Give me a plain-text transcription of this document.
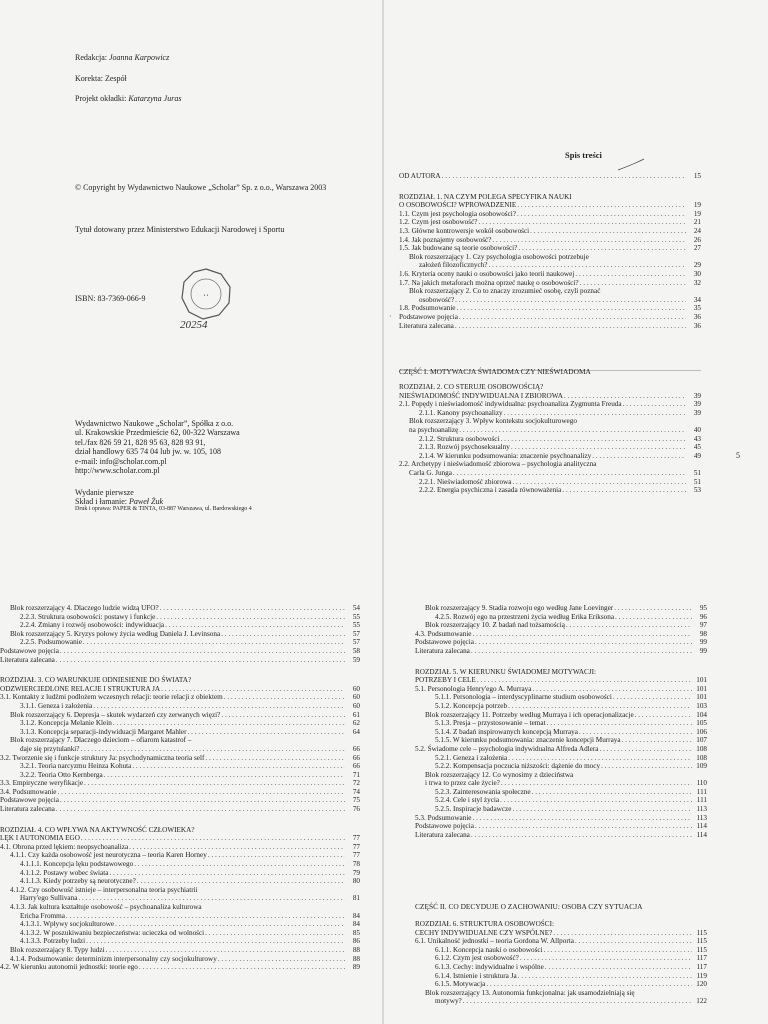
Redakcja: Joanna Karpowicz
Korekta: Zespół
Projekt okładki: Katarzyna Juras
© Copyright by Wydawnictwo Naukowe „Scholar” Sp. z o.o., Warszawa 2003
Tytuł dotowany przez Ministerstwo Edukacji Narodowej i Sportu
ISBN: 83-7369-066-9	• •
20254
Wydawnictwo Naukowe „Scholar”, Spółka z o.o.
ul. Krakowskie Przedmieście 62, 00-322 Warszawa
tel./fax 826 59 21, 828 95 63, 828 93 91,
dział handlowy 635 74 04 lub jw. w. 105, 108
e-mail: info@scholar.com.pl
http://www.scholar.com.pl
Wydanie pierwsze
Skład i łamanie: Paweł Żuk
Druk i oprawa: PAPER & TINTA, 03-887 Warszawa, ul. Bardowskiego 4
Spis treści
OD AUTORA . . .	15
ROZDZIAŁ 1. NA CZYM POLEGA SPECYFIKA NAUKI
O OSOBOWOŚCI? WPROWADZENIE . . .	19
1.1. Czym jest psychologia osobowości? . . .	19
1.2. Czym jest osobowość? . . .	21
1.3. Główne kontrowersje wokół osobowości . . .	24
1.4. Jak poznajemy osobowość? . . .	26
1.5. Jak budowane są teorie osobowości? . . .	27
Blok rozszerzający 1. Czy psychologia osobowości potrzebuje
założeń filozoficznych? . . .	29
1.6. Kryteria oceny nauki o osobowości jako teorii naukowej . . .	30
1.7. Na jakich metaforach można oprzeć naukę o osobowości? . . .	32
Blok rozszerzający 2. Co to znaczy zrozumieć osobę, czyli poznać
osobowość? . . .	34
1.8. Podsumowanie . . .	35
Podstawowe pojęcia . . .	36
Literatura zalecana . . .	36
CZĘŚĆ I. MOTYWACJA ŚWIADOMA CZY NIEŚWIADOMA
ROZDZIAŁ 2. CO STERUJE OSOBOWOŚCIĄ?
NIEŚWIADOMOŚĆ INDYWIDUALNA I ZBIOROWA . . .	39
2.1. Popędy i nieświadomość indywidualna: psychoanaliza Zygmunta Freuda . . .	39
2.1.1. Kanony psychoanalizy . . .	39
Blok rozszerzający 3. Wpływ kontekstu socjokulturowego
na psychoanalizę . . .	40
2.1.2. Struktura osobowości . . .	43
2.1.3. Rozwój psychoseksualny . . .	45
2.1.4. W kierunku podsumowania: znaczenie psychoanalizy . . .	49
2.2. Archetypy i nieświadomość zbiorowa – psychologia analityczna
Carla G. Junga . . .	51
2.2.1. Nieświadomość zbiorowa . . .	51
2.2.2. Energia psychiczna i zasada równoważenia . . .	53
5
·
Blok rozszerzający 4. Dlaczego ludzie widzą UFO? . . .	54
2.2.3. Struktura osobowości: postawy i funkcje . . .	55
2.2.4. Zmiany i rozwój osobowości: indywiduacja . . .	55
Blok rozszerzający 5. Kryzys połowy życia według Daniela J. Levinsona . . .	57
2.2.5. Podsumowanie . . .	57
Podstawowe pojęcia . . .	58
Literatura zalecana . . .	59
ROZDZIAŁ 3. CO WARUNKUJE ODNIESIENIE DO ŚWIATA?
ODZWIERCIEDLONE RELACJE I STRUKTURA JA . . .	60
3.1. Kontakty z ludźmi podłożem wczesnych relacji: teorie relacji z obiektem . . .	60
3.1.1. Geneza i założenia . . .	60
Blok rozszerzający 6. Depresja – skutek wydarzeń czy zerwanych więzi? . . .	61
3.1.2. Koncepcja Melanie Klein . . .	62
3.1.3. Koncepcja separacji-indywiduacji Margaret Mahler . . .	64
Blok rozszerzający 7. Dlaczego dzieciom – ofiarom katastrof –
daje się przytulanki? . . .	66
3.2. Tworzenie się i funkcje struktury Ja: psychodynamiczna teoria self . . .	66
3.2.1. Teoria narcyzmu Heinza Kohuta . . .	66
3.2.2. Teoria Otto Kernberga . . .	71
3.3. Empiryczne weryfikacje . . .	72
3.4. Podsumowanie . . .	74
Podstawowe pojęcia . . .	75
Literatura zalecana . . .	76
ROZDZIAŁ 4. CO WPŁYWA NA AKTYWNOŚĆ CZŁOWIEKA?
LĘK I AUTONOMIA EGO . . .	77
4.1. Obrona przed lękiem: neopsychoanaliza . . .	77
4.1.1. Czy każda osobowość jest neurotyczna – teoria Karen Horney . . .	77
4.1.1.1. Koncepcja lęku podstawowego . . .	78
4.1.1.2. Postawy wobec świata . . .	79
4.1.1.3. Kiedy potrzeby są neurotyczne? . . .	80
4.1.2. Czy osobowość istnieje – interpersonalna teoria psychiatrii
Harry'ego Sullivana . . .	81
4.1.3. Jak kultura kształtuje osobowość – psychoanaliza kulturowa
Ericha Fromma . . .	84
4.1.3.1. Wpływy socjokulturowe . . .	84
4.1.3.2. W poszukiwaniu bezpieczeństwa: ucieczka od wolności . . .	85
4.1.3.3. Potrzeby ludzi . . .	86
Blok rozszerzający 8. Typy ludzi . . .	88
4.1.4. Podsumowanie: determinizm interpersonalny czy socjokulturowy . . .	88
4.2. W kierunku autonomii jednostki: teorie ego . . .	89
Blok rozszerzający 9. Stadia rozwoju ego według Jane Loevinger . . .	95
4.2.5. Rozwój ego na przestrzeni życia według Erika Eriksona . . .	96
Blok rozszerzający 10. Z badań nad tożsamością . . .	97
4.3. Podsumowanie . . .	98
Podstawowe pojęcia . . .	99
Literatura zalecana . . .	99
ROZDZIAŁ 5. W KIERUNKU ŚWIADOMEJ MOTYWACJI:
POTRZEBY I CELE . . .	101
5.1. Personologia Henry'ego A. Murraya . . .	101
5.1.1. Personologia – interdyscyplinarne studium osobowości . . .	101
5.1.2. Koncepcja potrzeb . . .	103
Blok rozszerzający 11. Potrzeby według Murraya i ich operacjonalizacje . . .	104
5.1.3. Presja – przystosowanie – temat . . .	105
5.1.4. Z badań inspirowanych koncepcją Murraya . . .	106
5.1.5. W kierunku podsumowania: znaczenie koncepcji Murraya . . .	107
5.2. Świadome cele – psychologia indywidualna Alfreda Adlera . . .	108
5.2.1. Geneza i założenia . . .	108
5.2.2. Kompensacja poczucia niższości: dążenie do mocy . . .	109
Blok rozszerzający 12. Co wynosimy z dzieciństwa
i trwa to przez całe życie? . . .	110
5.2.3. Zainteresowania społeczne . . .	111
5.2.4. Cele i styl życia . . .	111
5.2.5. Inspiracje badawcze . . .	113
5.3. Podsumowanie . . .	113
Podstawowe pojęcia . . .	114
Literatura zalecana . . .	114
CZĘŚĆ II. CO DECYDUJE O ZACHOWANIU: OSOBA CZY SYTUACJA
ROZDZIAŁ 6. STRUKTURA OSOBOWOŚCI:
CECHY INDYWIDUALNE CZY WSPÓLNE? . . .	115
6.1. Unikalność jednostki – teoria Gordona W. Allporta . . .	115
6.1.1. Koncepcja nauki o osobowości . . .	115
6.1.2. Czym jest osobowość? . . .	117
6.1.3. Cechy: indywidualne i wspólne . . .	117
6.1.4. Istnienie i struktura Ja . . .	119
6.1.5. Motywacja . . .	120
Blok rozszerzający 13. Autonomia funkcjonalna: jak usamodzielniają się
motywy? . . .	122
